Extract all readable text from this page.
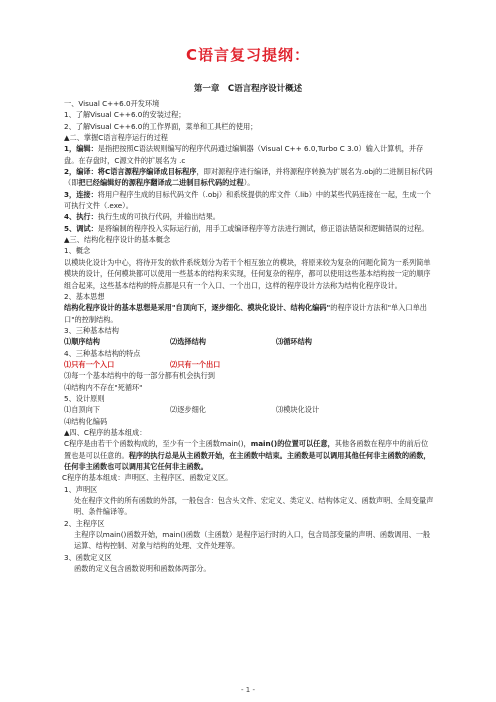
C语言复习提纲：
第一章　C语言程序设计概述
一、Visual C++6.0开发环境
1、了解Visual C++6.0的安装过程；
2、了解Visual C++6.0的工作界面，菜单和工具栏的使用；
▲二、掌握C语言程序运行的过程
1，编辑：是指把按照C语法规则编写的程序代码通过编辑器（Visual C++ 6.0,Turbo C 3.0）输入计算机，并存盘。在存盘时，C源文件的扩展名为 .c
2，编译：将C语言源程序编译成目标程序，即对源程序进行编译，并将源程序转换为扩展名为.obj的二进制目标代码（即把已经编辑好的源程序翻译成二进制目标代码的过程）。
3，连接：将用户程序生成的目标代码文件（.obj）和系统提供的库文件（.lib）中的某些代码连接在一起，生成一个可执行文件（.exe）。
4、执行：执行生成的可执行代码，并输出结果。
5、调试：是将编制的程序投入实际运行前，用手工或编译程序等方法进行测试，修正语法错误和逻辑错误的过程。
▲三、结构化程序设计的基本概念
1、概念
以模块化设计为中心，将待开发的软件系统划分为若干个相互独立的模块，将原来较为复杂的问题化简为一系列简单模块的设计，任何模块都可以使用一些基本的结构来实现，任何复杂的程序，都可以使用这些基本结构按一定的顺序组合起来，这些基本结构的特点都是只有一个入口、一个出口，这样的程序设计方法称为结构化程序设计。
2、基本思想
结构化程序设计的基本思想是采用"自顶向下，逐步细化、模块化设计、结构化编码"的程序设计方法和"单入口单出口"的控制结构。
3、三种基本结构
⑴顺序结构	⑵选择结构	⑶循环结构
4、三种基本结构的特点
⑴只有一个入口	⑵只有一个出口
⑶每一个基本结构中的每一部分都有机会执行到
⑷结构内不存在"死循环"
5、设计原则
⑴自顶向下	⑵逐步细化	⑶模块化设计
⑷结构化编码
▲四、C程序的基本组成：
C程序是由若干个函数构成的，至少有一个主函数main()，main()的位置可以任意，其他各函数在程序中的前后位置也是可以任意的。程序的执行总是从主函数开始，在主函数中结束。主函数是可以调用其他任何非主函数的函数，任何非主函数也可以调用其它任何非主函数。
C程序的基本组成：声明区、主程序区、函数定义区。
1、声明区
处在程序文件的所有函数的外部，一般包含：包含头文件、宏定义、类定义、结构体定义、函数声明、全局变量声明、条件编译等。
2、主程序区
主程序以main()函数开始，main()函数（主函数）是程序运行时的入口，包含局部变量的声明、函数调用、一般运算、结构控制、对象与结构的处理、文件处理等。
3、函数定义区
函数的定义包含函数说明和函数体两部分。
- 1 -
